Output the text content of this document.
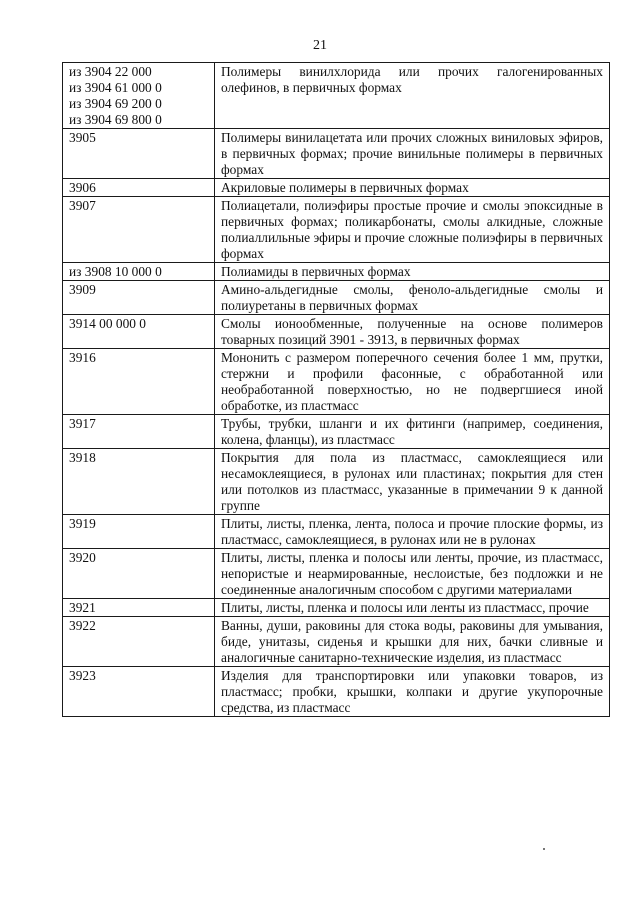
21
из 3904 22 000
из 3904 61 000 0
из 3904 69 200 0
из 3904 69 800 0	Полимеры винилхлорида или прочих галогенированных олефинов, в первичных формах

3905	Полимеры винилацетата или прочих сложных виниловых эфиров, в первичных формах; прочие винильные полимеры в первичных формах

3906	Акриловые полимеры в первичных формах

3907	Полиацетали, полиэфиры простые прочие и смолы эпоксидные в первичных формах; поликарбонаты, смолы алкидные, сложные полиаллильные эфиры и прочие сложные полиэфиры в первичных формах

из 3908 10 000 0	Полиамиды в первичных формах

3909	Амино-альдегидные смолы, феноло-альдегидные смолы и полиуретаны в первичных формах

3914 00 000 0	Смолы ионообменные, полученные на основе полимеров товарных позиций 3901 - 3913, в первичных формах

3916	Мононить с размером поперечного сечения более 1 мм, прутки, стержни и профили фасонные, с обработанной или необработанной поверхностью, но не подвергшиеся иной обработке, из пластмасс

3917	Трубы, трубки, шланги и их фитинги (например, соединения, колена, фланцы), из пластмасс

3918	Покрытия для пола из пластмасс, самоклеящиеся или несамоклеящиеся, в рулонах или пластинах; покрытия для стен или потолков из пластмасс, указанные в примечании 9 к данной группе

3919	Плиты, листы, пленка, лента, полоса и прочие плоские формы, из пластмасс, самоклеящиеся, в рулонах или не в рулонах

3920	Плиты, листы, пленка и полосы или ленты, прочие, из пластмасс, непористые и неармированные, неслоистые, без подложки и не соединенные аналогичным способом с другими материалами

3921	Плиты, листы, пленка и полосы или ленты из пластмасс, прочие

3922	Ванны, души, раковины для стока воды, раковины для умывания, биде, унитазы, сиденья и крышки для них, бачки сливные и аналогичные санитарно-технические изделия, из пластмасс

3923	Изделия для транспортировки или упаковки товаров, из пластмасс; пробки, крышки, колпаки и другие укупорочные средства, из пластмасс
